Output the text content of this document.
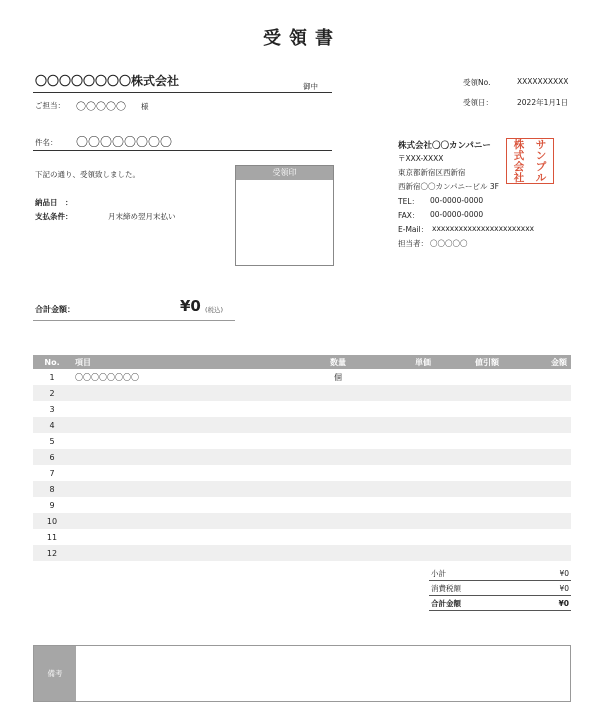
受領書
〇〇〇〇〇〇〇〇株式会社	御中
ご担当： 〇〇〇〇〇 様
件名： 〇〇〇〇〇〇〇〇
下記の通り、受領致しました。
納品日　：
支払条件：	月末締め翌月末払い
受領印
受領No.	XXXXXXXXXX
受領日：	2022年1月1日
株式会社〇〇カンパニー
〒XXX-XXXX
東京都新宿区西新宿
西新宿〇〇カンパニービル 3F
TEL： 00-0000-0000
FAX： 00-0000-0000
E-Mail： xxxxxxxxxxxxxxxxxxxxxxx
担当者： 〇〇〇〇〇
サ
ン
プ
ル
株
式
会
社
合計金額：	¥0 (税込)
No.	項目	数量	単価	値引額	金額
1	〇〇〇〇〇〇〇〇	個			
2					
3					
4					
5					
6					
7					
8					
9					
10					
11					
12					
小計	¥0
消費税額	¥0
合計金額	¥0
備考
